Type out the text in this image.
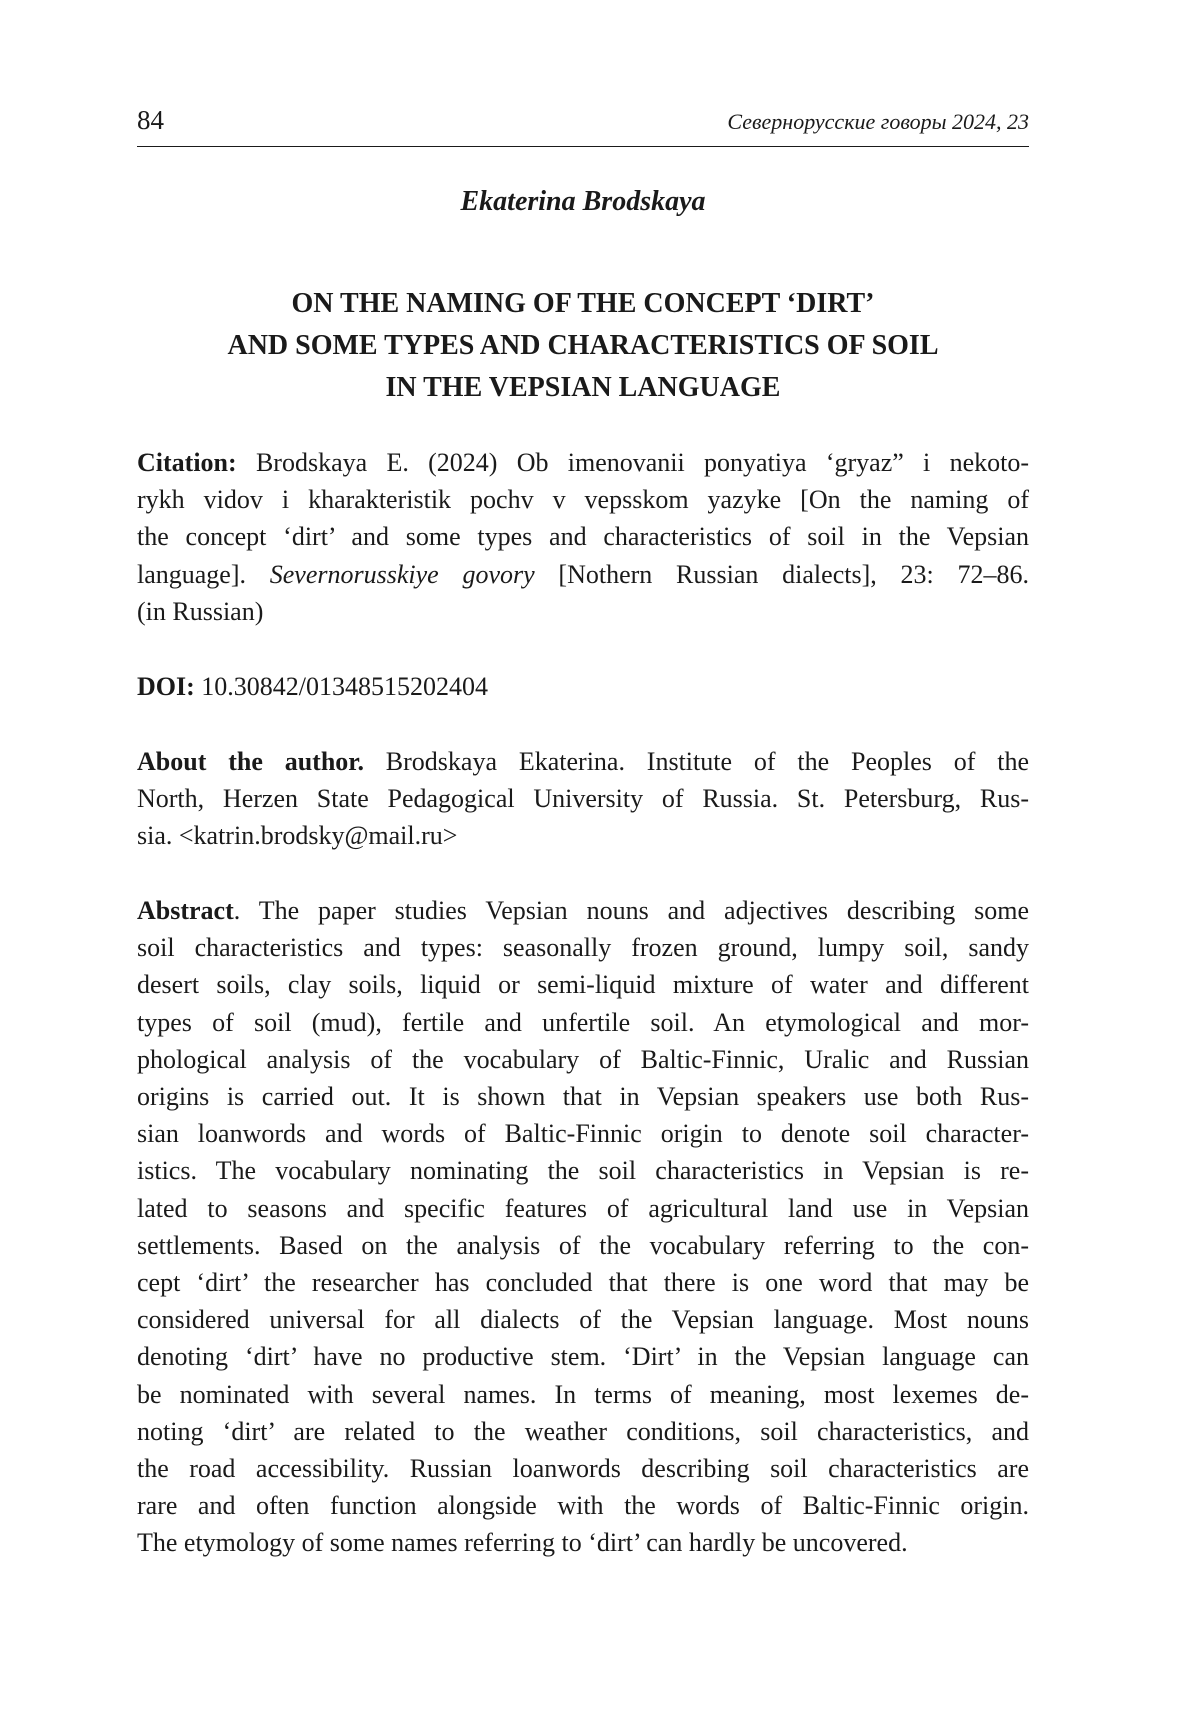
84	Севернорусские говоры 2024, 23
Ekaterina Brodskaya
ON THE NAMING OF THE CONCEPT ‘DIRT’
AND SOME TYPES AND CHARACTERISTICS OF SOIL
IN THE VEPSIAN LANGUAGE
Citation: Brodskaya E. (2024) Ob imenovanii ponyatiya ‘gryaz” i nekoto-
rykh vidov i kharakteristik pochv v vepsskom yazyke [On the naming of
the concept ‘dirt’ and some types and characteristics of soil in the Vepsian
language]. Severnorusskiye govory [Nothern Russian dialects], 23: 72–86.
(in Russian)
DOI: 10.30842/01348515202404
About the author. Brodskaya Ekaterina. Institute of the Peoples of the
North, Herzen State Pedagogical University of Russia. St. Petersburg, Rus-
sia. <katrin.brodsky@mail.ru>
Abstract. The paper studies Vepsian nouns and adjectives describing some
soil characteristics and types: seasonally frozen ground, lumpy soil, sandy
desert soils, clay soils, liquid or semi-liquid mixture of water and different
types of soil (mud), fertile and unfertile soil. An etymological and mor-
phological analysis of the vocabulary of Baltic-Finnic, Uralic and Russian
origins is carried out. It is shown that in Vepsian speakers use both Rus-
sian loanwords and words of Baltic-Finnic origin to denote soil character-
istics. The vocabulary nominating the soil characteristics in Vepsian is re-
lated to seasons and specific features of agricultural land use in Vepsian
settlements. Based on the analysis of the vocabulary referring to the con-
cept ‘dirt’ the researcher has concluded that there is one word that may be
considered universal for all dialects of the Vepsian language. Most nouns
denoting ‘dirt’ have no productive stem. ‘Dirt’ in the Vepsian language can
be nominated with several names. In terms of meaning, most lexemes de-
noting ‘dirt’ are related to the weather conditions, soil characteristics, and
the road accessibility. Russian loanwords describing soil characteristics are
rare and often function alongside with the words of Baltic-Finnic origin.
The etymology of some names referring to ‘dirt’ can hardly be uncovered.
